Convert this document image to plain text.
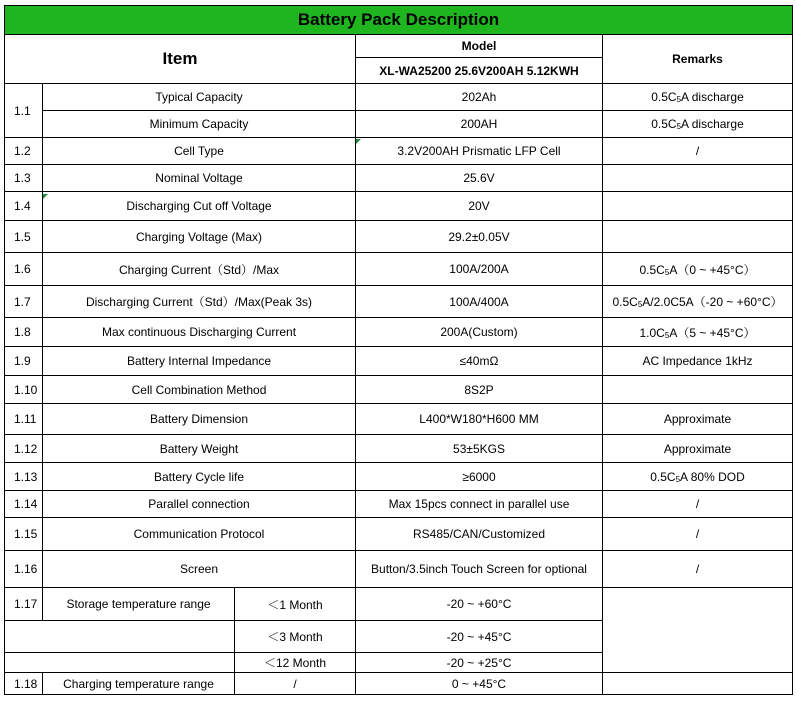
Battery Pack Description				
Item			Model	Remarks
			XL-WA25200 25.6V200AH 5.12KWH	
1.1	Typical Capacity		202Ah	$0.5C_5A$ discharge
	Minimum Capacity		200AH	$0.5C_5A$ discharge
1.2	Cell Type		3.2V200AH Prismatic LFP Cell	/
1.3	Nominal Voltage		25.6V	
1.4	Discharging Cut off Voltage		20V	
1.5	Charging Voltage (Max)		29.2±0.05V	
1.6	Charging Current（Std）/Max		100A/200A	$0.5C_5A(0$ ~ +45°C）
1.7	Discharging Current（Std）/Max(Peak 3s)		100A/400A	$0.5C_5A/2.0C5A(-20$ ~ +60°C）
1.8	Max continuous Discharging Current		200A(Custom)	$1.0C_5A(5$ ~ +45°C）
1.9	Battery Internal Impedance		≤40mΩ	AC Impedance 1kHz
1.10	Cell Combination Method		8S2P	
1.11	Battery Dimension		L400*W180*H600 MM	Approximate
1.12	Battery Weight		53±5KGS	Approximate
1.13	Battery Cycle life		≥6000	$0.5C_5A$ 80% DOD
1.14	Parallel connection		Max 15pcs connect in parallel use	/
1.15	Communication Protocol		RS485/CAN/Customized	/
1.16	Screen		Button/3.5inch Touch Screen for optional	/
1.17	Storage temperature range	＜1 Month	-20 ~ +60°C	
		＜3 Month	-20 ~ +45°C	
		＜12 Month	-20 ~ +25°C	
1.18	Charging temperature range	/	0 ~ +45°C	
